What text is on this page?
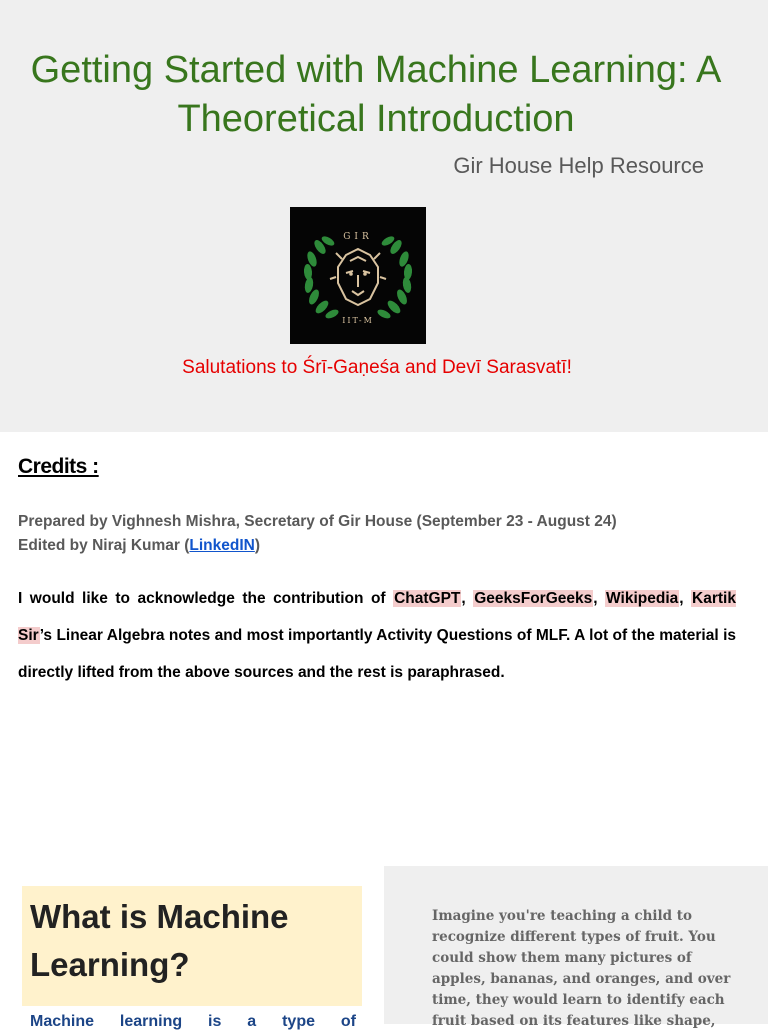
Getting Started with Machine Learning: A Theoretical Introduction
Gir House Help Resource
GIR
IIT-M
Salutations to Śrī-Gaṇeśa and Devī Sarasvatī!
Credits :
Prepared by Vighnesh Mishra, Secretary of Gir House (September 23 - August 24)
Edited by Niraj Kumar (LinkedIN)

I would like to acknowledge the contribution of ChatGPT, GeeksForGeeks, Wikipedia, Kartik Sir’s Linear Algebra notes and most importantly Activity Questions of MLF. A lot of the material is directly lifted from the above sources and the rest is paraphrased.

What is Machine Learning?
Machine learning is a type of
Imagine you're teaching a child to recognize different types of fruit. You could show them many pictures of apples, bananas, and oranges, and over time, they would learn to identify each fruit based on its features like shape,
